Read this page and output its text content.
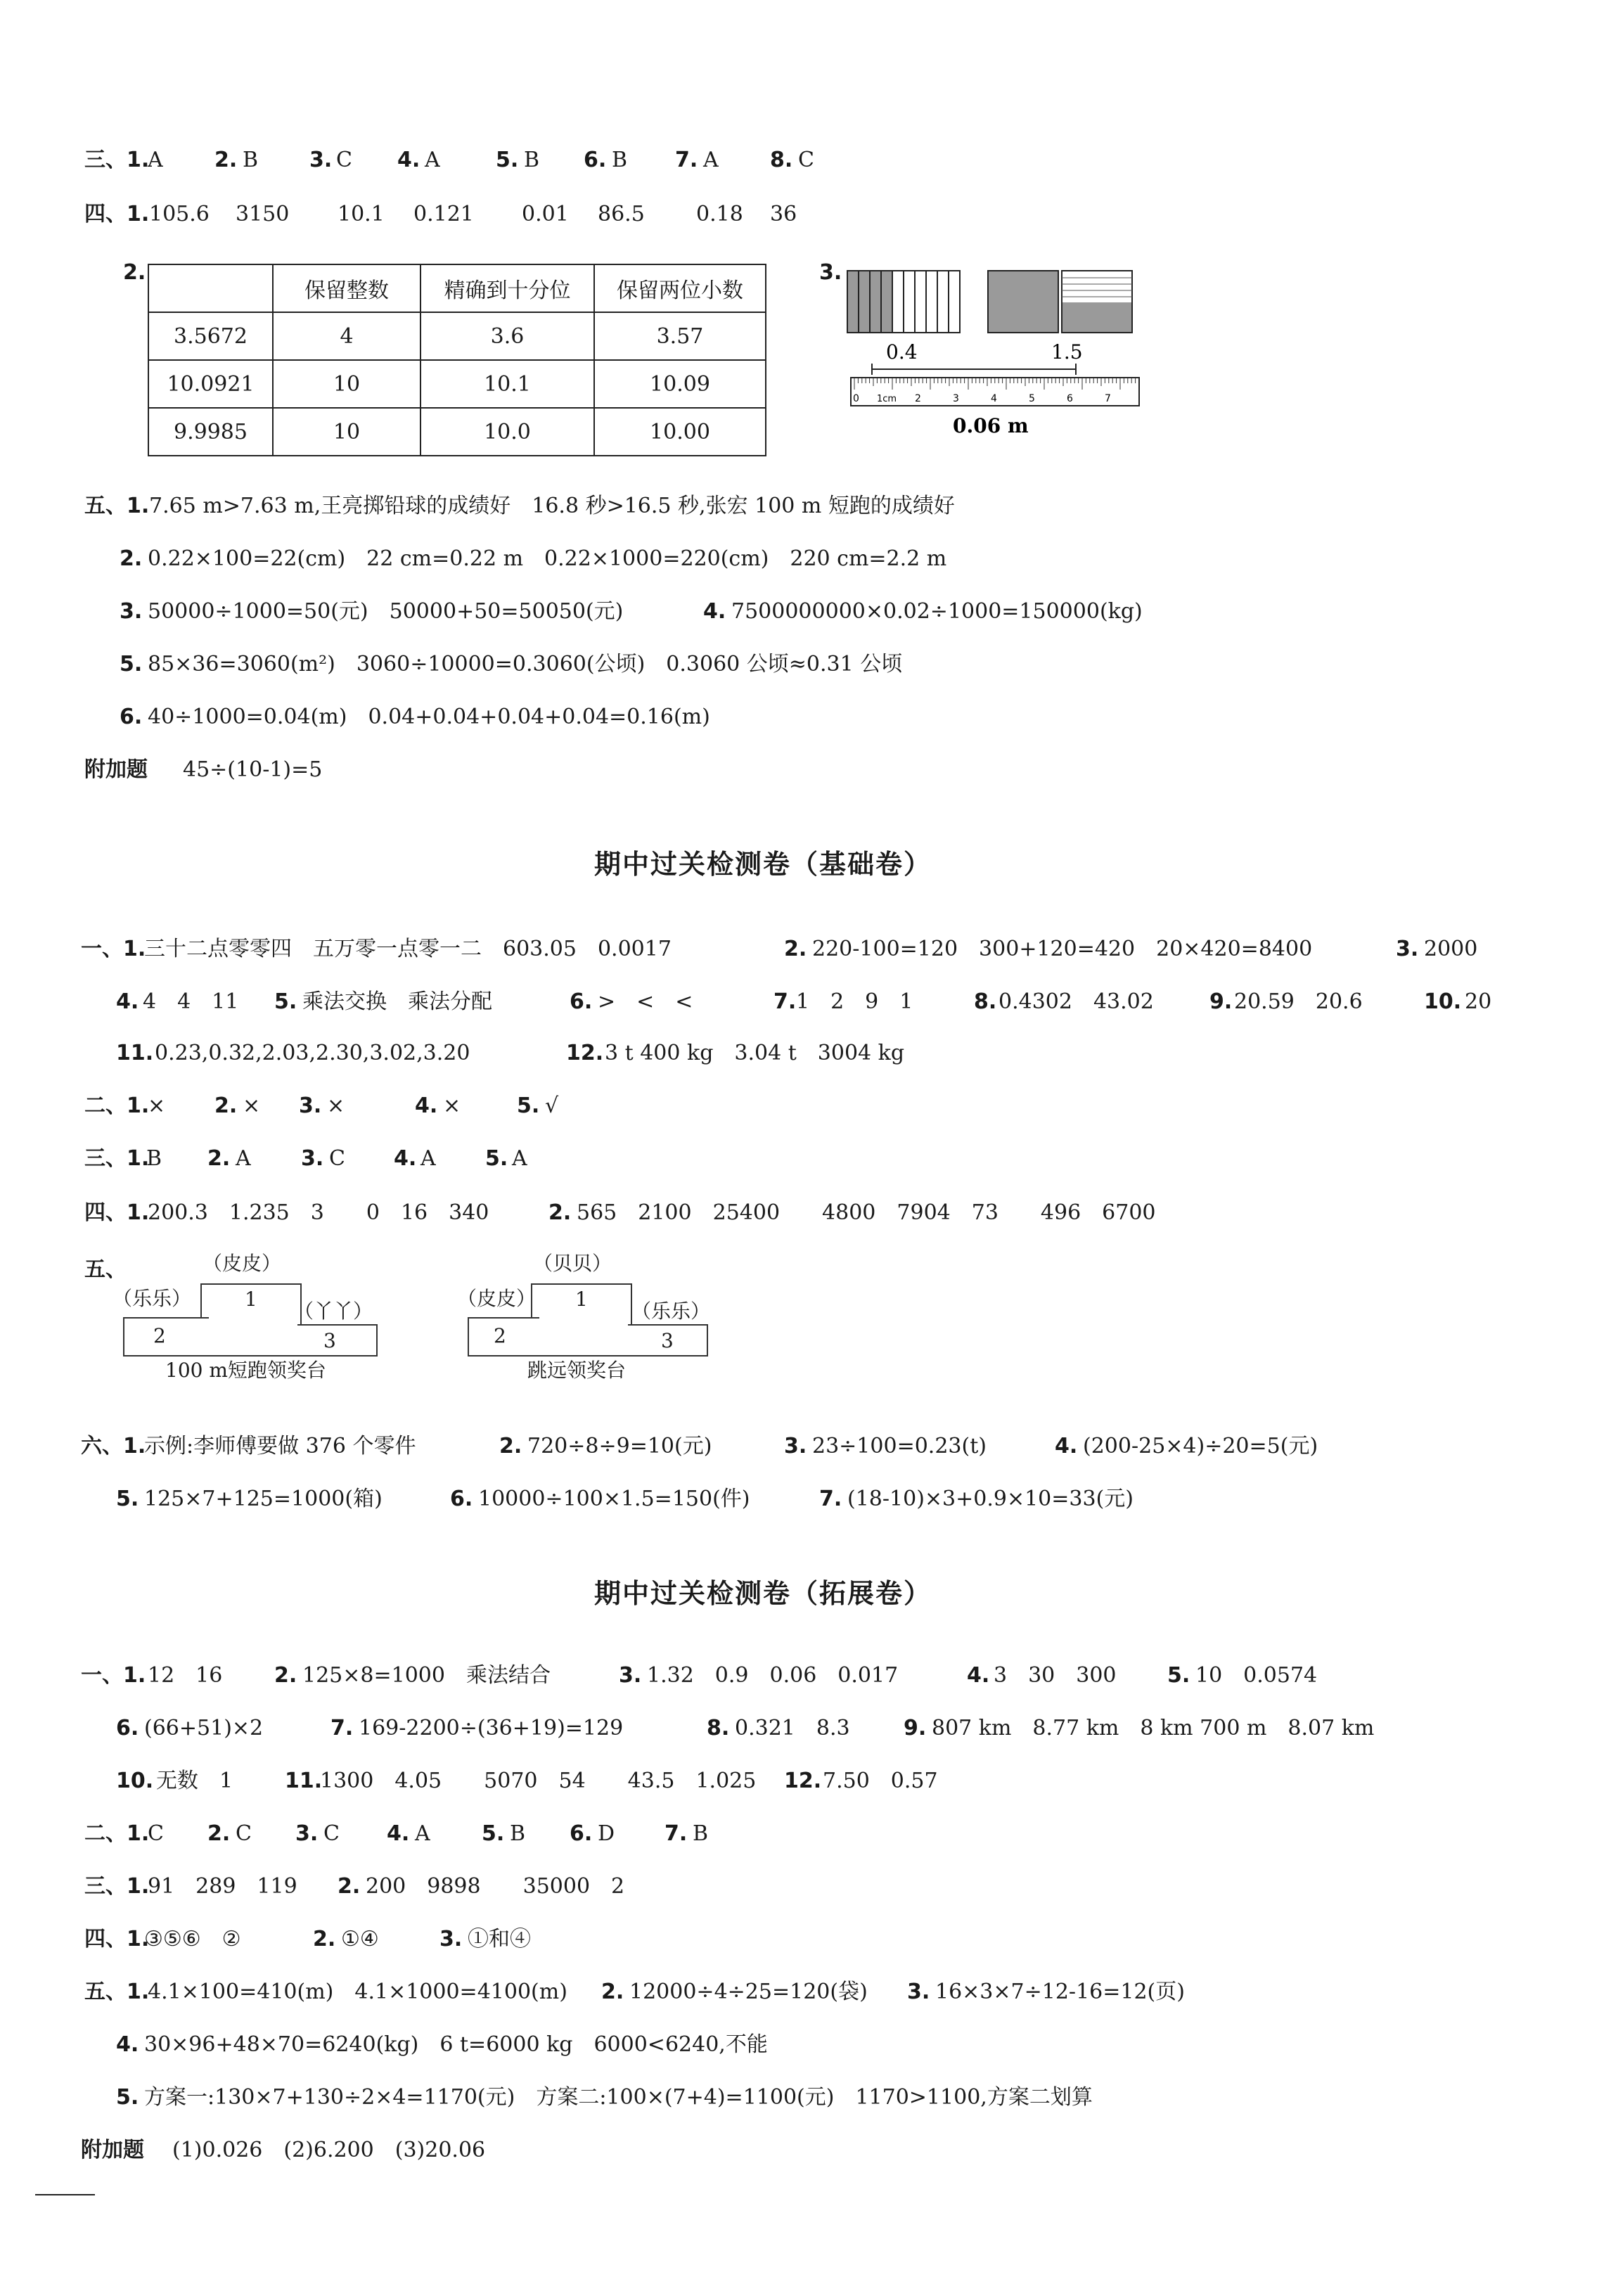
三、1.
A 2. B 3. C 4. A	5. B 6. B 7. A 8. C
四、1. 105.6 3150 10.1 0.121 0.01 86.5 0.18 36
2.
	保留整数	精确到十分位	保留两位小数
3.5672	4	3.6	3.57
10.0921	10	10.1	10.09
9.9985	10	10.0	10.00
3.
0.4	1.5
0 1cm 2	3	4	5	6	7
0.06 m
五、1. 7.65 m>7.63 m,王亮掷铅球的成绩好　16.8 秒>16.5 秒,张宏 100 m 短跑的成绩好
2. 0.22×100=22(cm)　22 cm=0.22 m　0.22×1000=220(cm)　220 cm=2.2 m
3. 50000÷1000=50(元)　50000+50=50050(元)	4. 7500000000×0.02÷1000=150000(kg)
5. 85×36=3060(m²)　3060÷10000=0.3060(公顷)　0.3060 公顷≈0.31 公顷
6. 40÷1000=0.04(m)　0.04+0.04+0.04+0.04=0.16(m)
附加题 45÷(10-1)=5
期中过关检测卷（基础卷）
一、1.
三十二点零零四　五万零一点零一二　603.05　0.0017	2. 220-100=120　300+120=420　20×420=8400	3. 2000
4. 4　4　11 5. 乘法交换　乘法分配	6. >　<　<	7. 1　2　9　1	8. 0.4302　43.02	9. 20.59　20.6	10. 20
11. 0.23,0.32,2.03,2.30,3.02,3.20	12. 3 t 400 kg　3.04 t　3004 kg
二、1.
× 2. × 3. ×	4. ×	5. √
三、1.
B 2. A 3. C 4. A 5. A
四、1.
200.3　1.235　3　　0　16　340	2. 565　2100　25400　　4800　7904　73　　496　6700
五、	（皮皮）
（乐乐）
（丫丫）
1
2	3
100 m短跑领奖台
（贝贝）
（皮皮）
（乐乐）
1
2	3
跳远领奖台
六、1.
示例:李师傅要做 376 个零件	2. 720÷8÷9=10(元)	3. 23÷100=0.23(t)	4. (200-25×4)÷20=5(元)
5. 125×7+125=1000(箱)	6. 10000÷100×1.5=150(件)	7. (18-10)×3+0.9×10=33(元)
期中过关检测卷（拓展卷）
一、1. 12　16 2. 125×8=1000　乘法结合	3. 1.32　0.9　0.06　0.017	4. 3　30　300 5. 10　0.0574
6. (66+51)×2	7. 169-2200÷(36+19)=129	8. 0.321　8.3	9. 807 km　8.77 km　8 km 700 m　8.07 km
10. 无数　1 11.
1300　4.05　　5070　54　　43.5　1.025 12. 7.50　0.57
二、1.
C 2. C 3. C 4. A 5. B 6. D 7. B
三、1.
91　289　119 2. 200　9898　　35000　2
四、1.
③⑤⑥　②	2. ①④	3. ①和④
五、1.
4.1×100=410(m)　4.1×1000=4100(m) 2. 12000÷4÷25=120(袋) 3. 16×3×7÷12-16=12(页)
4. 30×96+48×70=6240(kg)　6 t=6000 kg　6000<6240,不能
5. 方案一:130×7+130÷2×4=1170(元)　方案二:100×(7+4)=1100(元)　1170>1100,方案二划算
附加题 (1)0.026　(2)6.200　(3)20.06
